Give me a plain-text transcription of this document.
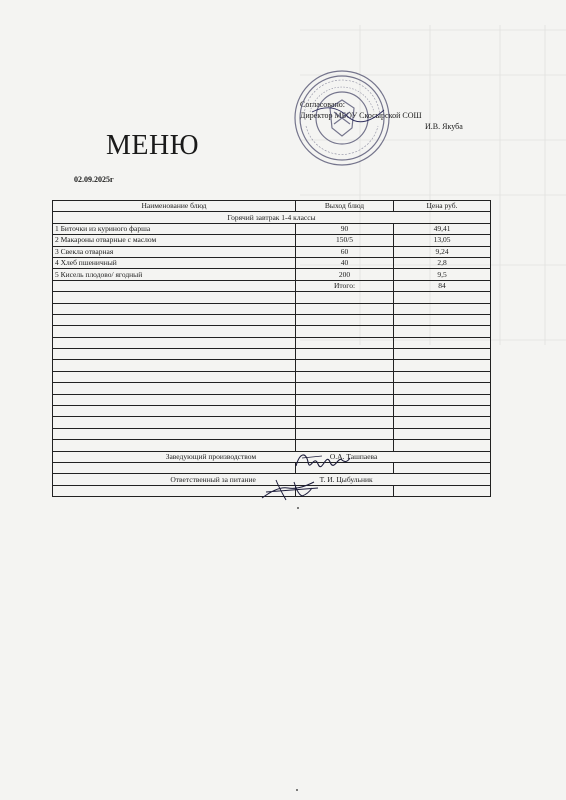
Согласовано:
Директор МБОУ Скосырской СОШ

И.В. Якуба
МЕНЮ
02.09.2025г
Наименование блюд	Выход блюд	Цена руб.
Горячий завтрак 1-4 классы		
1 Биточки из куриного фарша	90	49,41
2 Макароны отварные с маслом	150/5	13,05
3 Свекла отварная	60	9,24
4 Хлеб пшеничный	40	2,8
5 Кисель плодово/ ягодный	200	9,5
	Итого:	84

Заведующий производством О.А. Ташпаева		

Ответственный за питание Т. И. Цыбульник		
